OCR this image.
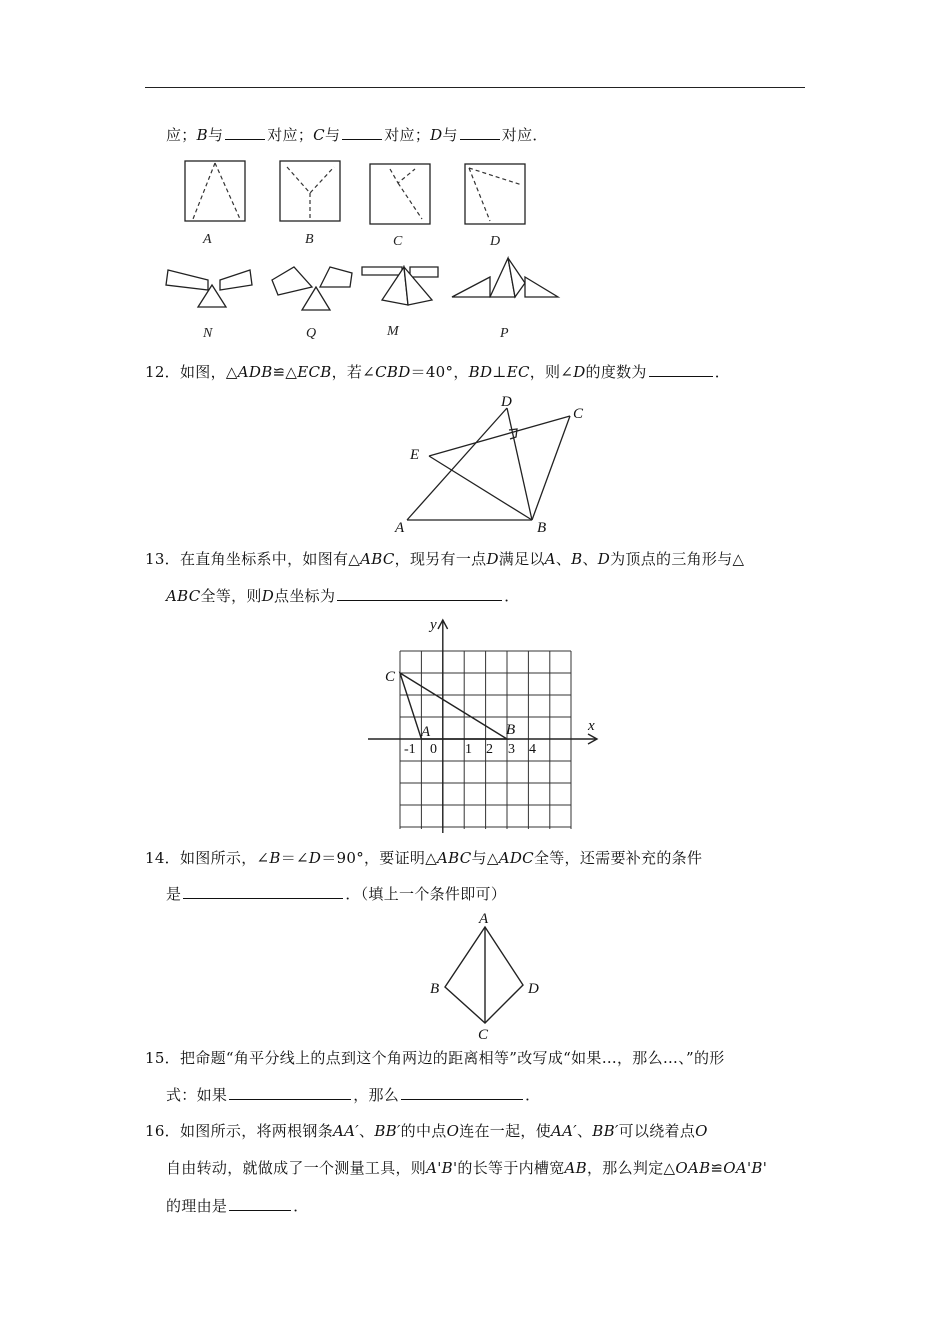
应；B与	对应；C与	对应；D与	对应．
A	B	C	D
N	Q	M	P
12．如图，△ADB≌△ECB，若∠CBD＝40°，BD⊥EC，则∠D的度数为	．
A	B
C
D
E
13．在直角坐标系中，如图有△ABC，现另有一点D满足以A、B、D为顶点的三角形与△
ABC全等，则D点坐标为	．
y
x
C
A	B
-1 0 1 2 3 4
14．如图所示，∠B＝∠D＝90°，要证明△ABC与△ADC全等，还需要补充的条件
是	．（填上一个条件即可）
A
B
C
D
15．把命题“角平分线上的点到这个角两边的距离相等”改写成“如果…，那么…、”的形
式：如果	，那么	．
16．如图所示，将两根钢条AA′、BB′的中点O连在一起，使AA′、BB′可以绕着点O
自由转动，就做成了一个测量工具，则A'B'的长等于内槽宽AB，那么判定△OAB≌OA'B'
的理由是	．
